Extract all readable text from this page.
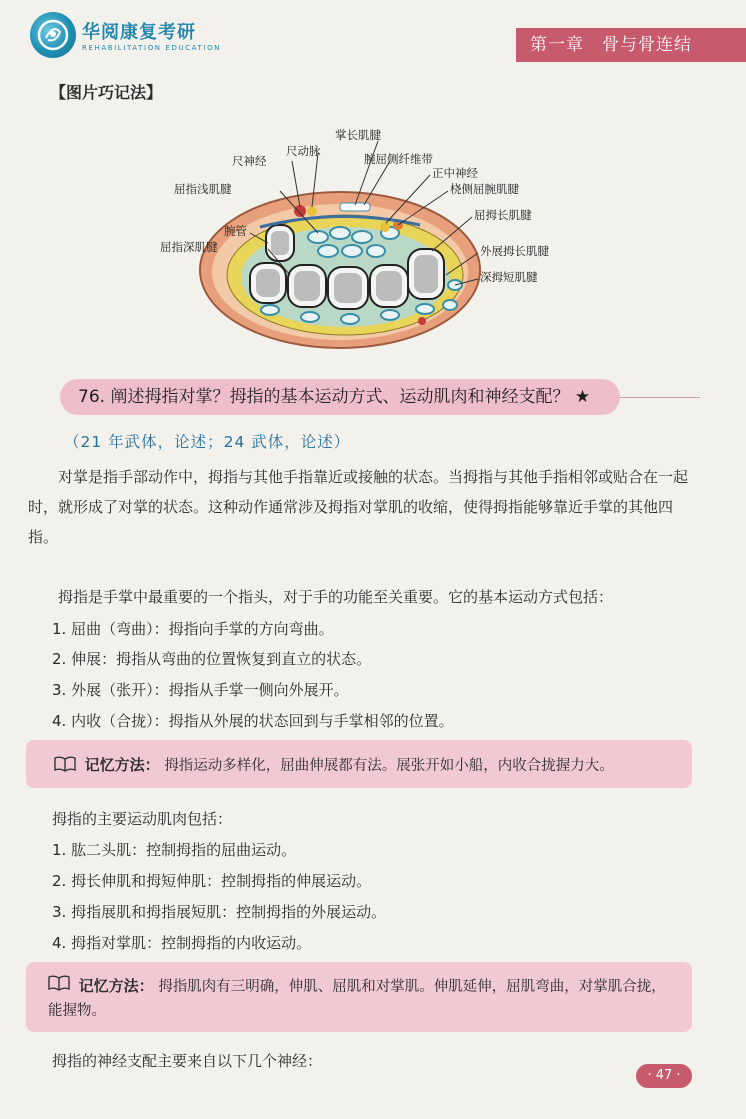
华阅康复考研
REHABILITATION EDUCATION	第一章　骨与骨连结
【图片巧记法】
掌长肌腱
尺神经
尺动脉
腕屈侧纤维带
正中神经
屈指浅肌腱	桡侧屈腕肌腱
腕管
屈拇长肌腱
屈指深肌腱	外展拇长肌腱
深拇短肌腱
76. 阐述拇指对掌？拇指的基本运动方式、运动肌肉和神经支配？ ★
（21 年武体，论述；24 武体，论述）
对掌是指手部动作中，拇指与其他手指靠近或接触的状态。当拇指与其他手指相邻或贴合在一起时，就形成了对掌的状态。这种动作通常涉及拇指对掌肌的收缩，使得拇指能够靠近手掌的其他四指。
拇指是手掌中最重要的一个指头，对于手的功能至关重要。它的基本运动方式包括：
1. 屈曲（弯曲）：拇指向手掌的方向弯曲。
2. 伸展：拇指从弯曲的位置恢复到直立的状态。
3. 外展（张开）：拇指从手掌一侧向外展开。
4. 内收（合拢）：拇指从外展的状态回到与手掌相邻的位置。
记忆方法： 拇指运动多样化，屈曲伸展都有法。展张开如小船，内收合拢握力大。
拇指的主要运动肌肉包括：
1. 肱二头肌：控制拇指的屈曲运动。
2. 拇长伸肌和拇短伸肌：控制拇指的伸展运动。
3. 拇指展肌和拇指展短肌：控制拇指的外展运动。
4. 拇指对掌肌：控制拇指的内收运动。
记忆方法： 拇指肌肉有三明确，伸肌、屈肌和对掌肌。伸肌延伸，屈肌弯曲，对掌肌合拢，能握物。
拇指的神经支配主要来自以下几个神经：
· 47 ·
